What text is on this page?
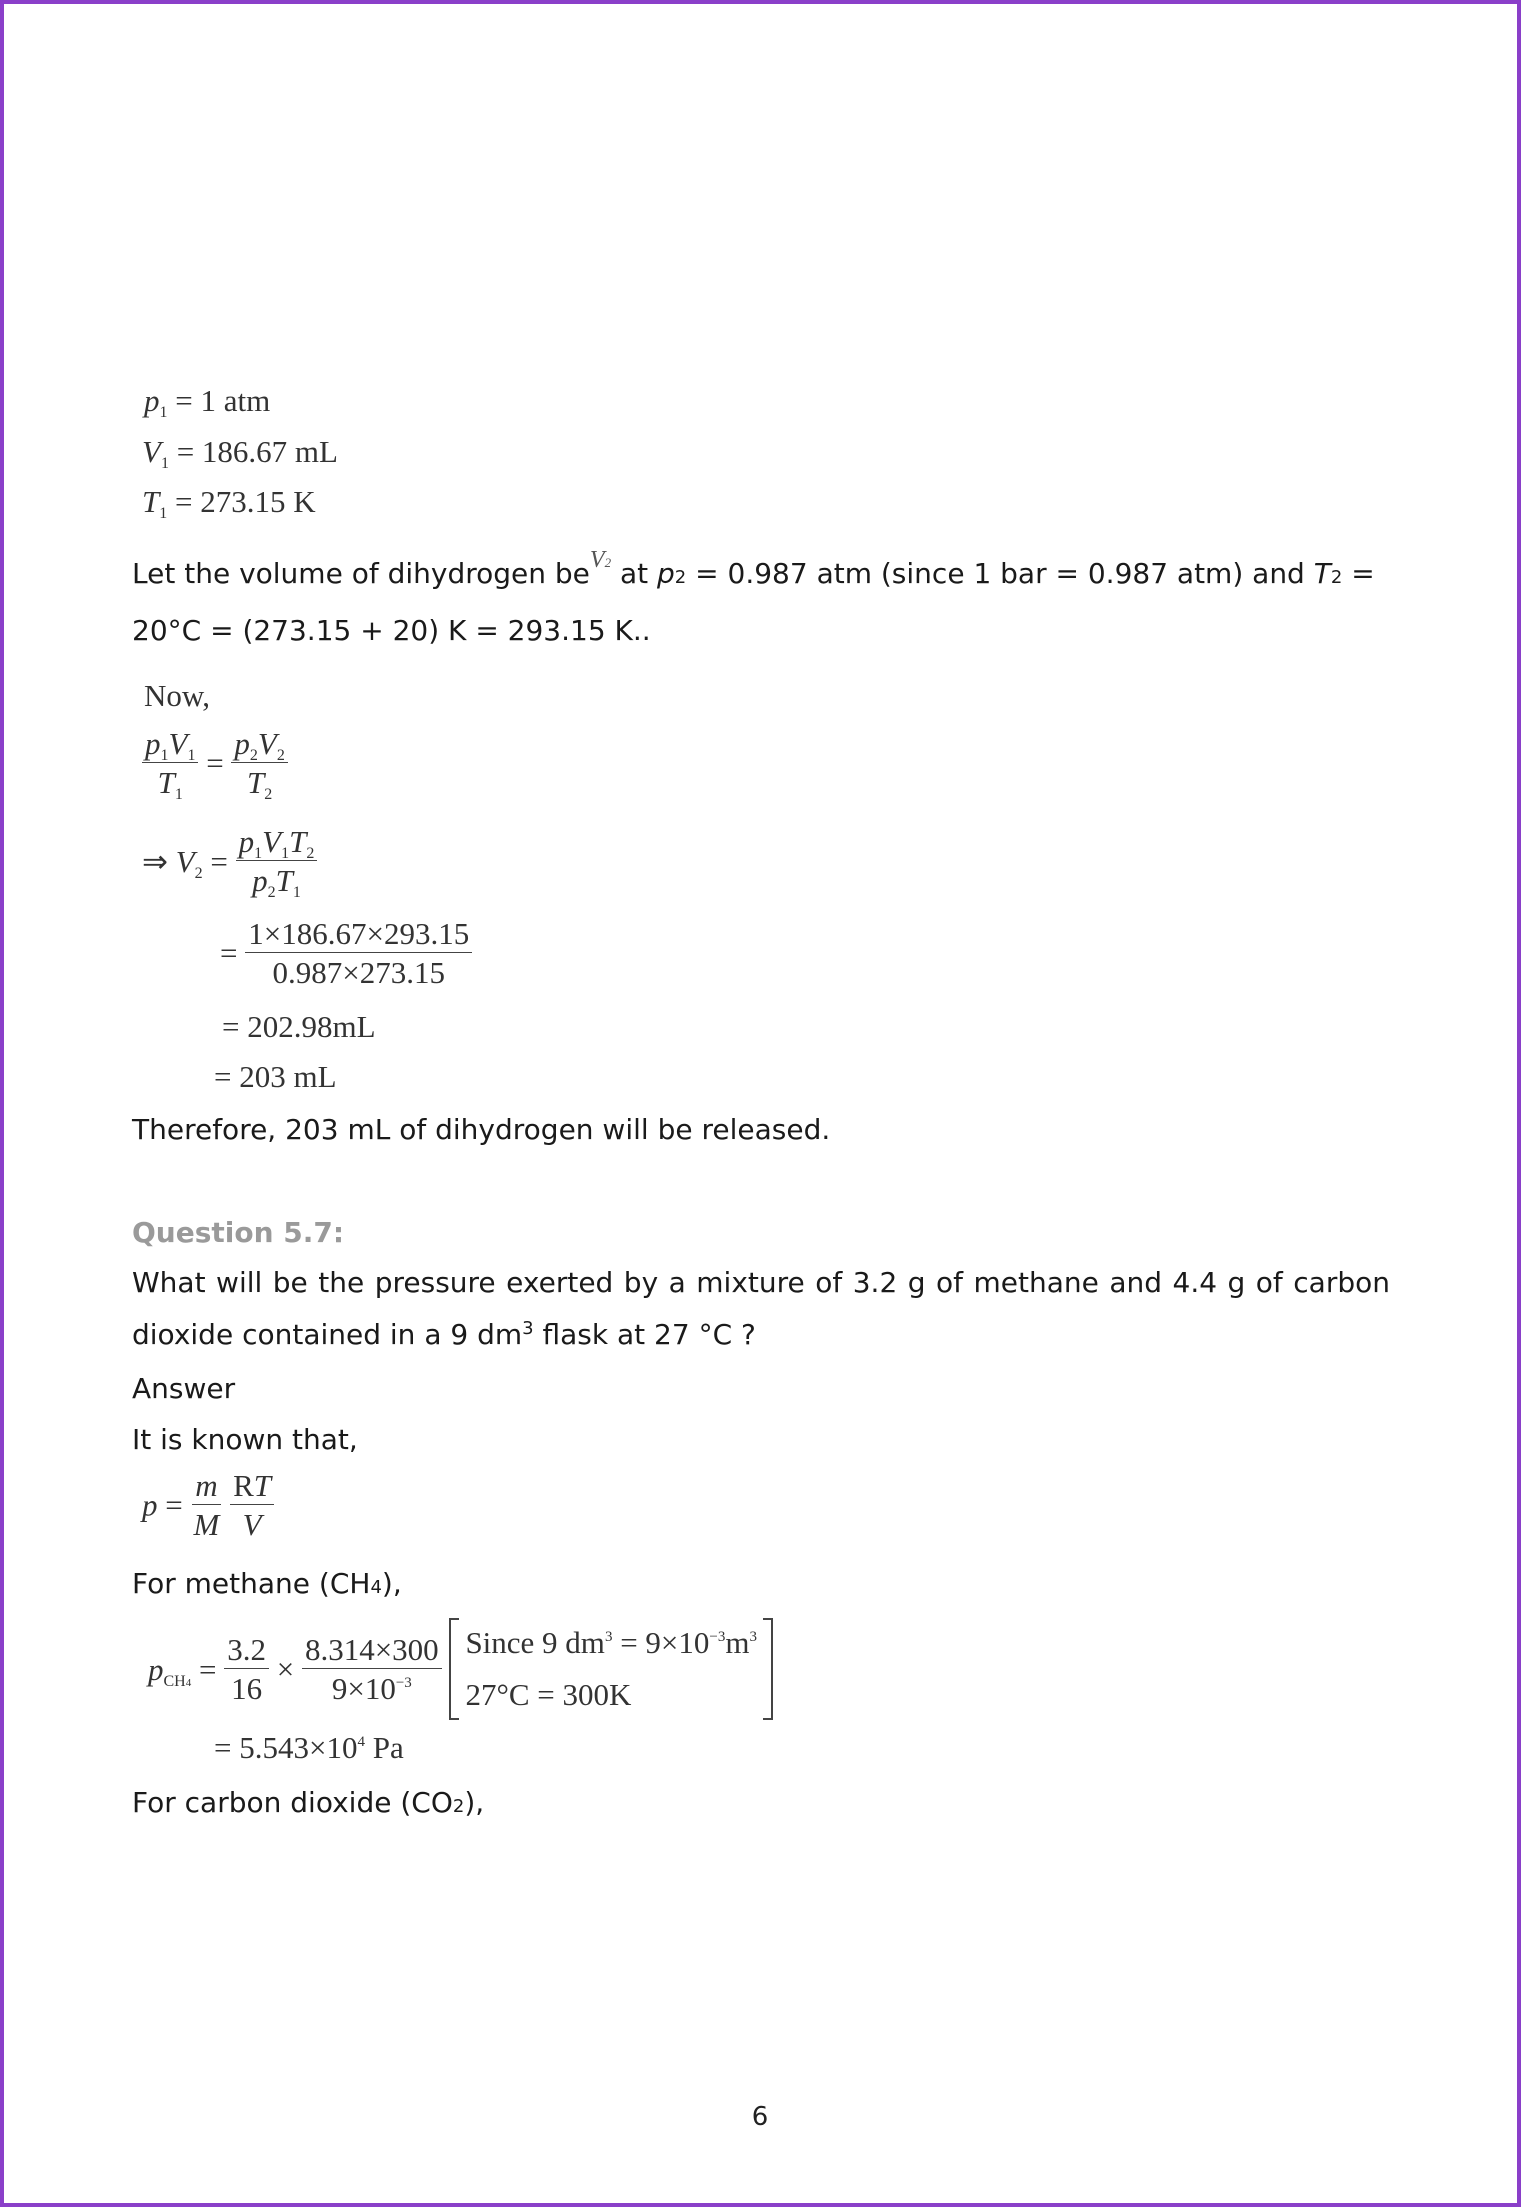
p1 = 1 atm
V1 = 186.67 mL
T1 = 273.15 K

Let the volume of dihydrogen beV2 at p2 = 0.987 atm (since 1 bar = 0.987 atm) and T2 =
20°C = (273.15 + 20) K = 293.15 K..

Now,
$\frac{p1V1}{T1} = \frac{p2V2}{T2}$
⇒ $V2 = \frac{p1V1T2}{p2T1}$
= $\frac{1\times 186.67\times 293.15}{0.987\times 273.15}$
= 202.98mL
= 203 mL

Therefore, 203 mL of dihydrogen will be released.

Question 5.7:

What will be the pressure exerted by a mixture of 3.2 g of methane and 4.4 g of carbon dioxide contained in a 9 $dm^3$ flask at 27 °C ?

Answer

It is known that,

$p = \frac{m}{M}$
$\frac{RT}{V}$

For methane (CH4),

$pCH4 = \frac{3.2}{16} \times \frac{8.314\times 300}{9\times 10^{-3}}$
Since 9 $dm^3 = 9\times 10^{-3}m^3$
27°C = 300K
= $5.543\times 10^4$ Pa

For carbon dioxide (CO2),

6
